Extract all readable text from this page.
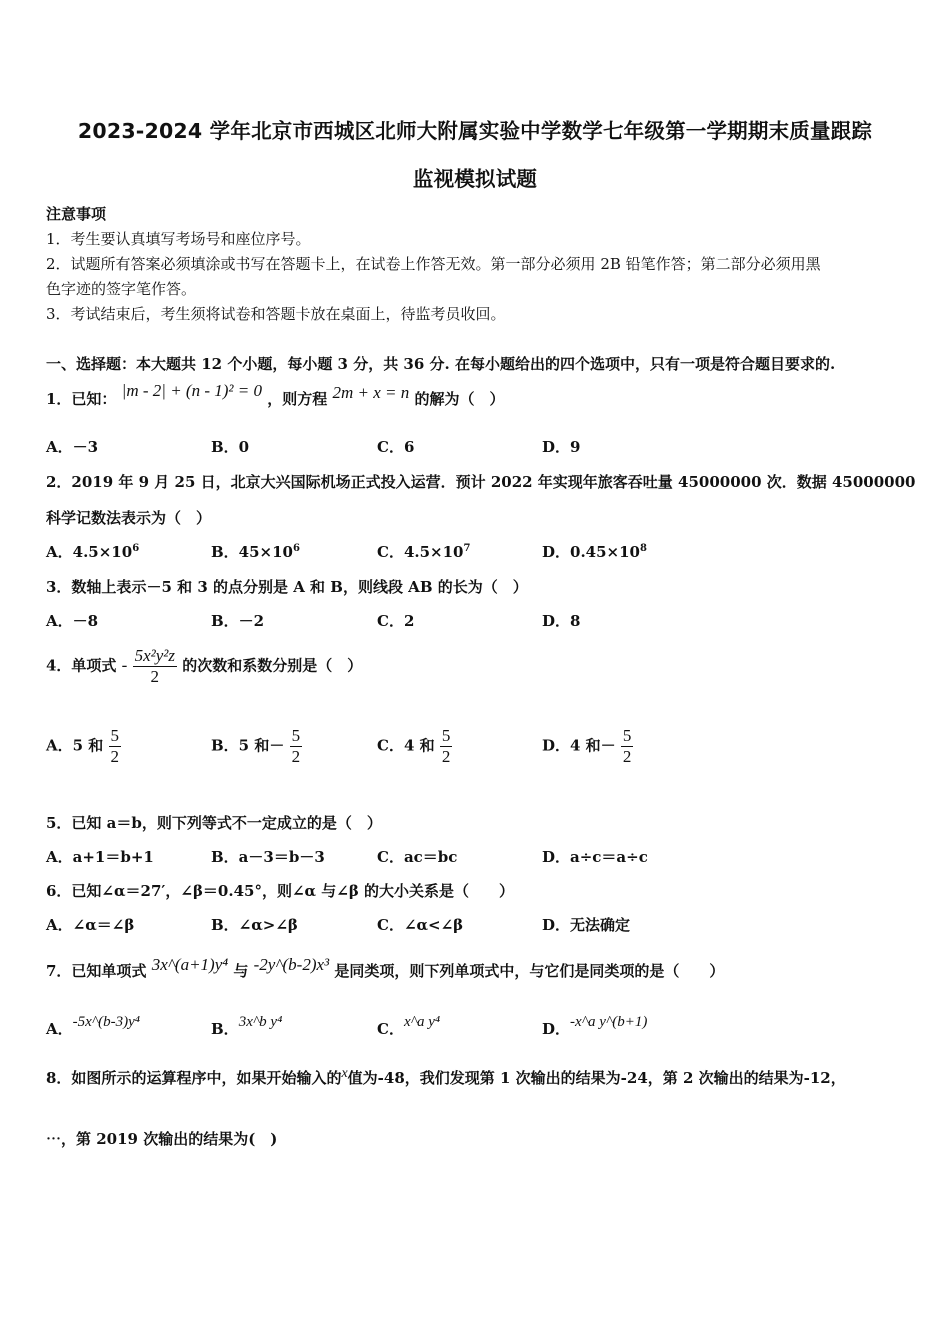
2023-2024 学年北京市西城区北师大附属实验中学数学七年级第一学期期末质量跟踪
监视模拟试题
注意事项
1．考生要认真填写考场号和座位序号。
2．试题所有答案必须填涂或书写在答题卡上，在试卷上作答无效。第一部分必须用 2B 铅笔作答；第二部分必须用黑
色字迹的签字笔作答。
3．考试结束后，考生须将试卷和答题卡放在桌面上，待监考员收回。
一、选择题：本大题共 12 个小题，每小题 3 分，共 36 分. 在每小题给出的四个选项中，只有一项是符合题目要求的.
1．已知： |m - 2| + (n - 1)² = 0 ，则方程 2m + x = n 的解为（　）
A．－3	B．0	C．6	D．9
2．2019 年 9 月 25 日，北京大兴国际机场正式投入运营．预计 2022 年实现年旅客吞吐量 45000000 次．数据 45000000
科学记数法表示为（　）
A．$4.5\times 10^6$	B．$45\times 10^6$	C．$4.5\times 10^7$	D．$0.45\times 10^8$
3．数轴上表示－5 和 3 的点分别是 A 和 B，则线段 AB 的长为（　）
A．－8	B．－2	C．2	D．8
4．单项式 - $\frac{\text{5x²y²z}}{2}$ 的次数和系数分别是（　）
A．5 和 $\frac{5}{2}$	B．5 和－ $\frac{5}{2}$	C．4 和 $\frac{5}{2}$	D．4 和－ $\frac{5}{2}$
5．已知 a＝b，则下列等式不一定成立的是（　）
A．a+1＝b+1	B．a－3＝b－3	C．ac＝bc	D．a÷c＝a÷c
6．已知∠α＝27′，∠β＝0.45°，则∠α 与∠β 的大小关系是（　　）
A．∠α＝∠β	B．∠α>∠β	C．∠α<∠β	D．无法确定
7．已知单项式 3x^(a+1)y⁴ 与 -2y^(b-2)x³ 是同类项，则下列单项式中，与它们是同类项的是（　　）
A．-5x^(b-3)y⁴	B．3x^b y⁴	C．x^a y⁴	D．-x^a y^(b+1)
8．如图所示的运算程序中，如果开始输入的x值为-48，我们发现第 1 次输出的结果为-24，第 2 次输出的结果为-12，
⋯，第 2019 次输出的结果为(　)
